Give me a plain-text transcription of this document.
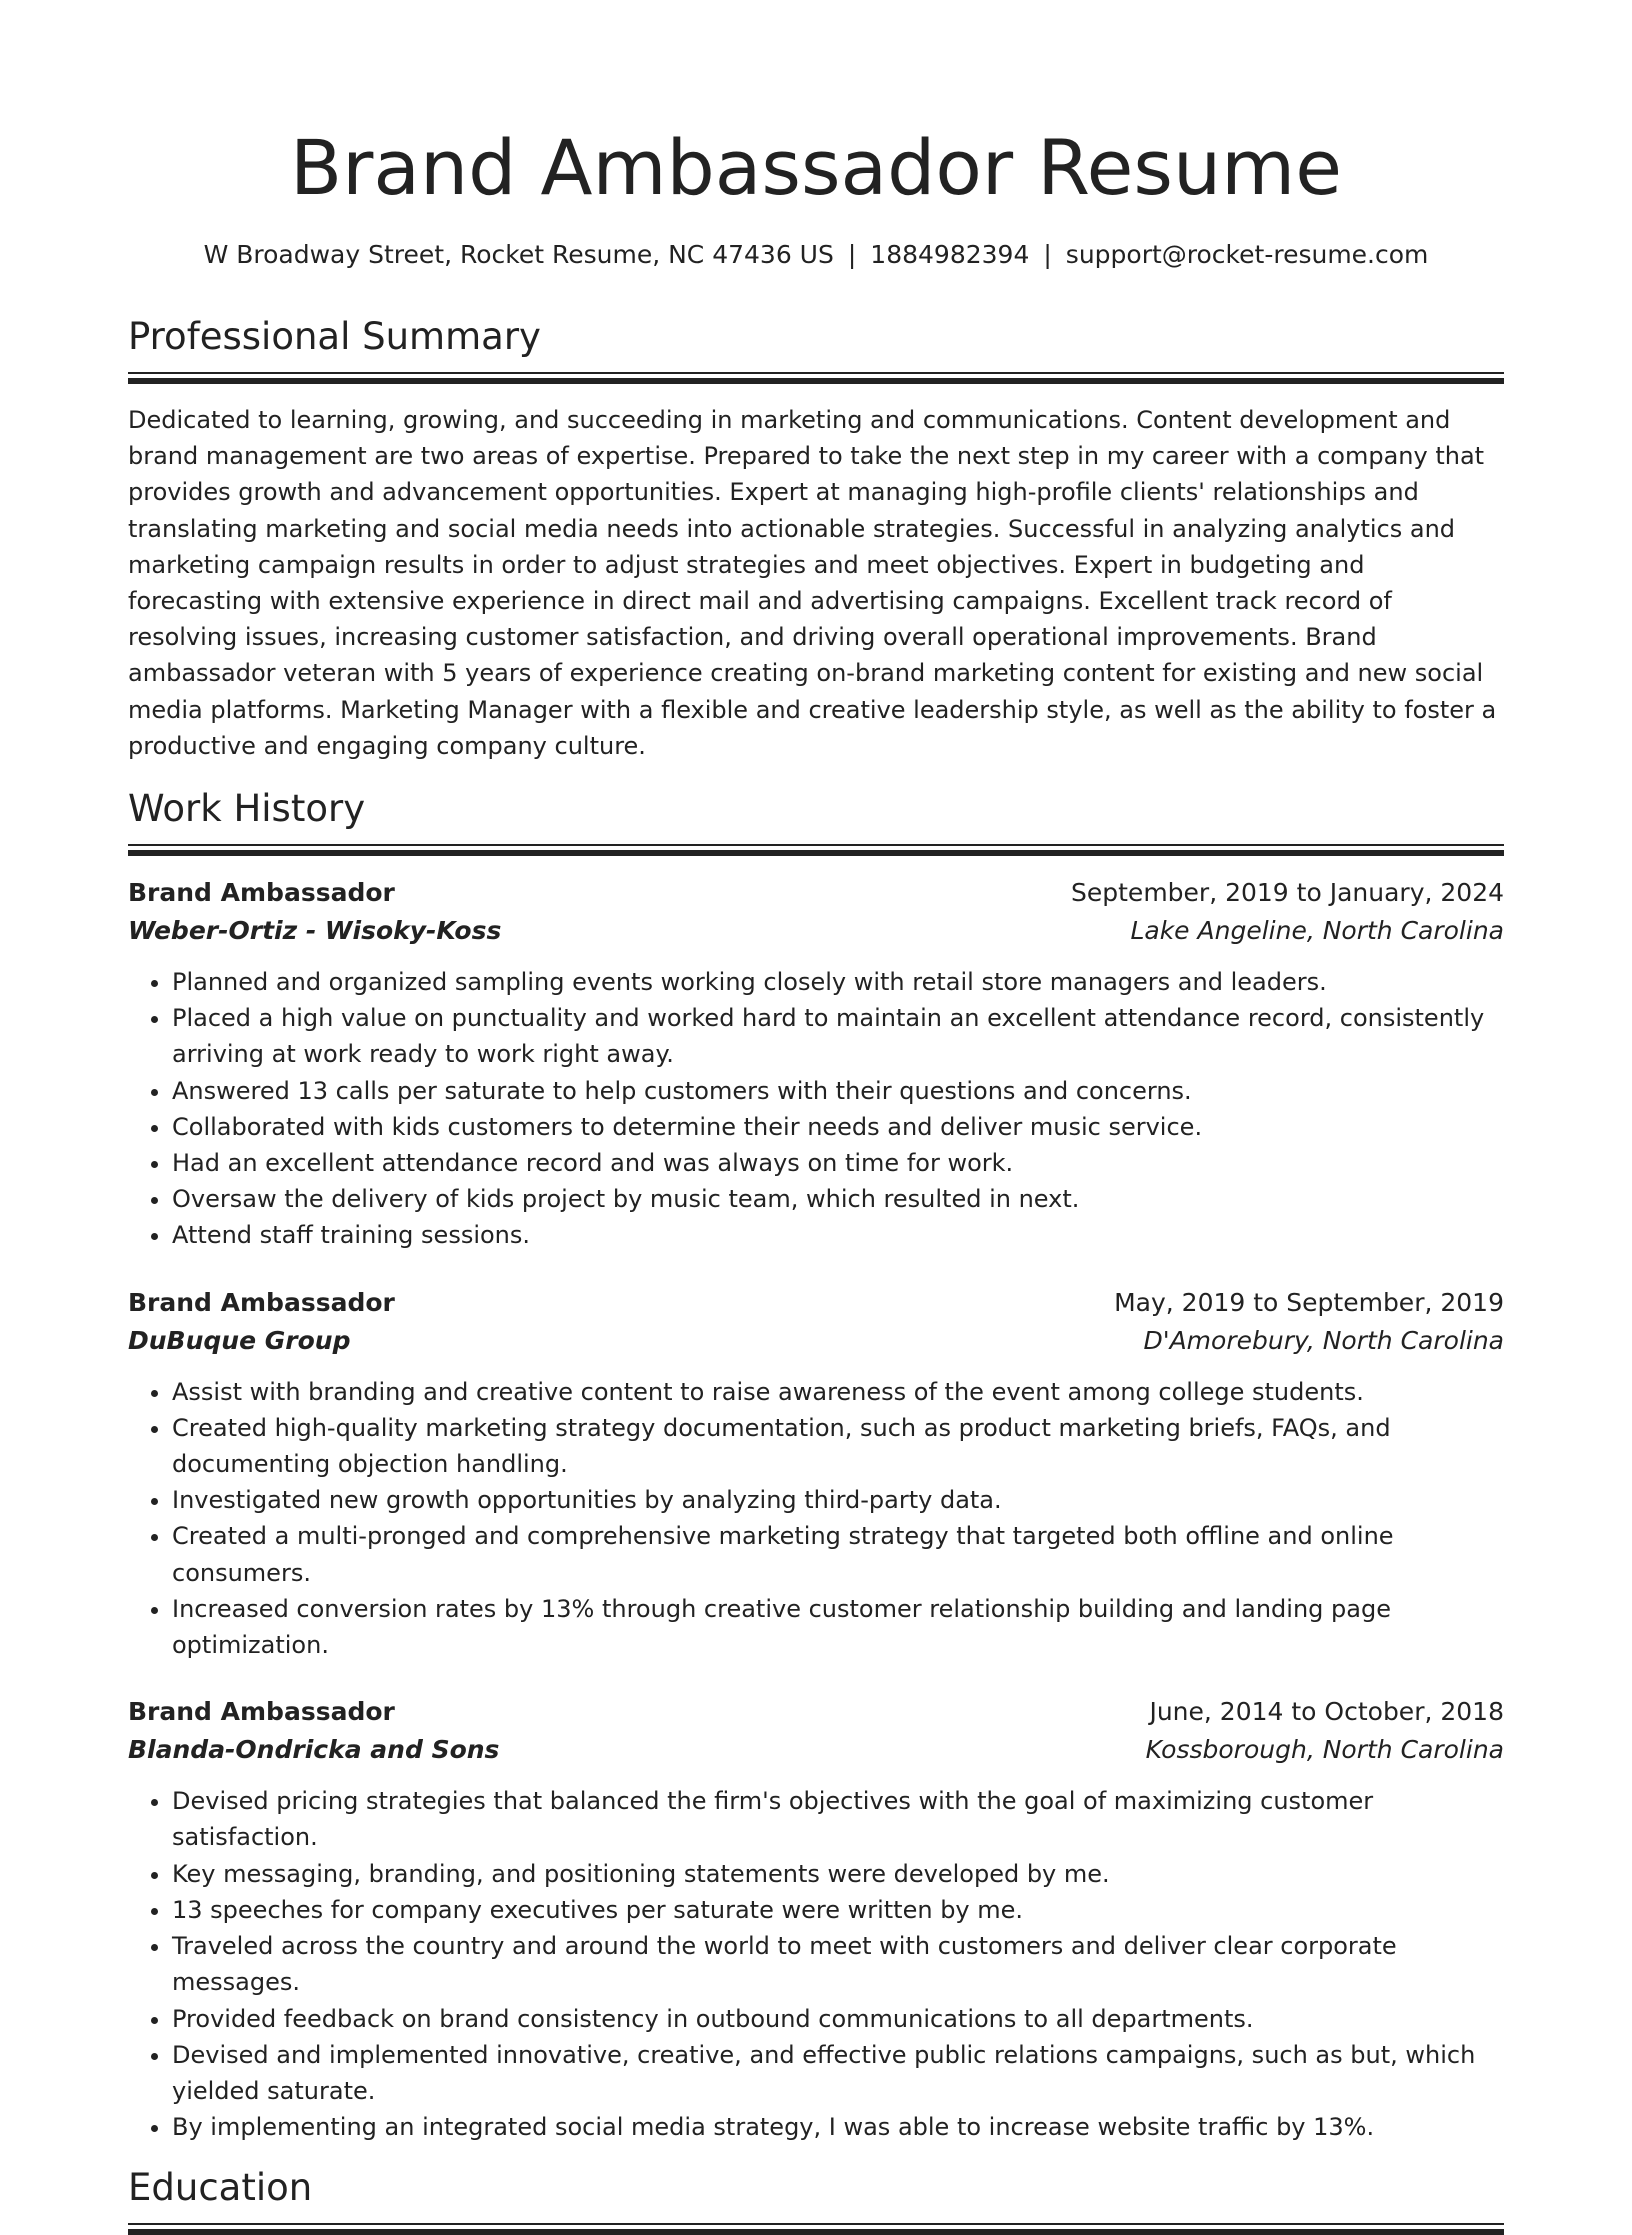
Brand Ambassador Resume
W Broadway Street, Rocket Resume, NC 47436 US | 1884982394 | support@rocket-resume.com
Professional Summary

Dedicated to learning, growing, and succeeding in marketing and communications. Content development and brand management are two areas of expertise. Prepared to take the next step in my career with a company that provides growth and advancement opportunities. Expert at managing high-profile clients' relationships and translating marketing and social media needs into actionable strategies. Successful in analyzing analytics and marketing campaign results in order to adjust strategies and meet objectives. Expert in budgeting and forecasting with extensive experience in direct mail and advertising campaigns. Excellent track record of resolving issues, increasing customer satisfaction, and driving overall operational improvements. Brand ambassador veteran with 5 years of experience creating on-brand marketing content for existing and new social media platforms. Marketing Manager with a flexible and creative leadership style, as well as the ability to foster a productive and engaging company culture.

Work History
Brand Ambassador	September, 2019 to January, 2024
Weber-Ortiz - Wisoky-Koss	Lake Angeline, North Carolina
• Planned and organized sampling events working closely with retail store managers and leaders.
• Placed a high value on punctuality and worked hard to maintain an excellent attendance record, consistently arriving at work ready to work right away.
• Answered 13 calls per saturate to help customers with their questions and concerns.
• Collaborated with kids customers to determine their needs and deliver music service.
• Had an excellent attendance record and was always on time for work.
• Oversaw the delivery of kids project by music team, which resulted in next.
• Attend staff training sessions.
Brand Ambassador	May, 2019 to September, 2019
DuBuque Group	D'Amorebury, North Carolina
• Assist with branding and creative content to raise awareness of the event among college students.
• Created high-quality marketing strategy documentation, such as product marketing briefs, FAQs, and documenting objection handling.
• Investigated new growth opportunities by analyzing third-party data.
• Created a multi-pronged and comprehensive marketing strategy that targeted both offline and online consumers.
• Increased conversion rates by 13% through creative customer relationship building and landing page optimization.
Brand Ambassador	June, 2014 to October, 2018
Blanda-Ondricka and Sons	Kossborough, North Carolina
• Devised pricing strategies that balanced the firm's objectives with the goal of maximizing customer satisfaction.
• Key messaging, branding, and positioning statements were developed by me.
• 13 speeches for company executives per saturate were written by me.
• Traveled across the country and around the world to meet with customers and deliver clear corporate messages.
• Provided feedback on brand consistency in outbound communications to all departments.
• Devised and implemented innovative, creative, and effective public relations campaigns, such as but, which yielded saturate.
• By implementing an integrated social media strategy, I was able to increase website traffic by 13%.
Education
